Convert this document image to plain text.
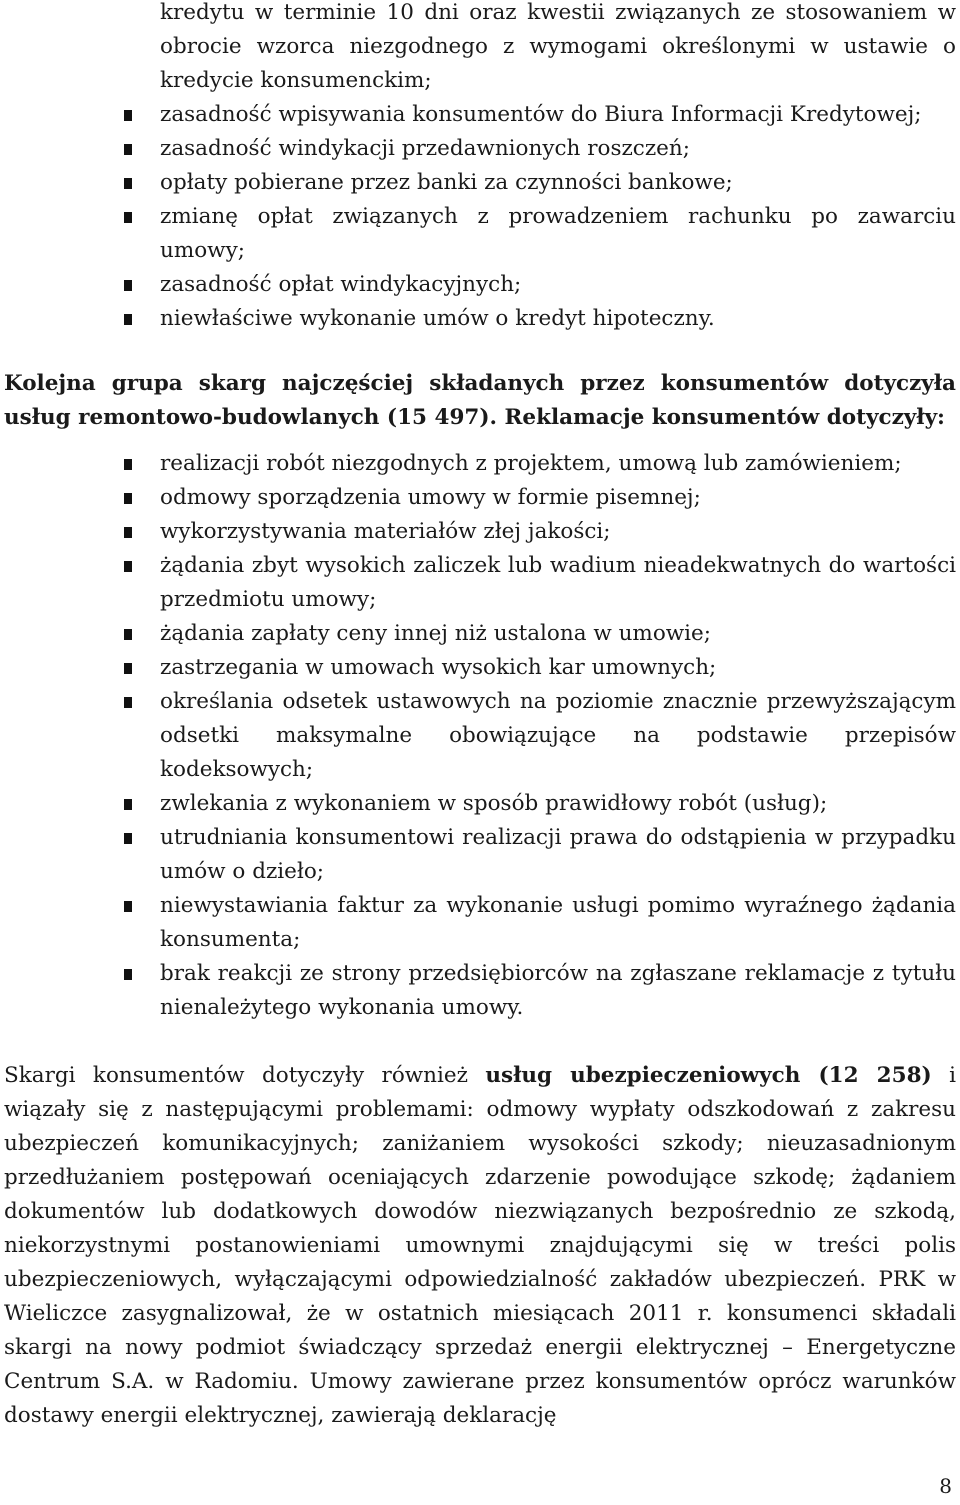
kredytu w terminie 10 dni oraz kwestii związanych ze stosowaniem w obrocie wzorca niezgodnego z wymogami określonymi w ustawie o kredycie konsumenckim;
zasadność wpisywania konsumentów do Biura Informacji Kredytowej;
zasadność windykacji przedawnionych roszczeń;
opłaty pobierane przez banki za czynności bankowe;
zmianę opłat związanych z prowadzeniem rachunku po zawarciu umowy;
zasadność opłat windykacyjnych;
niewłaściwe wykonanie umów o kredyt hipoteczny.
Kolejna grupa skarg najczęściej składanych przez konsumentów dotyczyła usług remontowo-budowlanych (15 497). Reklamacje konsumentów dotyczyły:
realizacji robót niezgodnych z projektem, umową lub zamówieniem;
odmowy sporządzenia umowy w formie pisemnej;
wykorzystywania materiałów złej jakości;
żądania zbyt wysokich zaliczek lub wadium nieadekwatnych do wartości przedmiotu umowy;
żądania zapłaty ceny innej niż ustalona w umowie;
zastrzegania w umowach wysokich kar umownych;
określania odsetek ustawowych na poziomie znacznie przewyższającym odsetki maksymalne obowiązujące na podstawie przepisów kodeksowych;
zwlekania z wykonaniem w sposób prawidłowy robót (usług);
utrudniania konsumentowi realizacji prawa do odstąpienia w przypadku umów o dzieło;
niewystawiania faktur za wykonanie usługi pomimo wyraźnego żądania konsumenta;
brak reakcji ze strony przedsiębiorców na zgłaszane reklamacje z tytułu nienależytego wykonania umowy.
Skargi konsumentów dotyczyły również usług ubezpieczeniowych (12 258) i wiązały się z następującymi problemami: odmowy wypłaty odszkodowań z zakresu ubezpieczeń komunikacyjnych; zaniżaniem wysokości szkody; nieuzasadnionym przedłużaniem postępowań oceniających zdarzenie powodujące szkodę; żądaniem dokumentów lub dodatkowych dowodów niezwiązanych bezpośrednio ze szkodą, niekorzystnymi postanowieniami umownymi znajdującymi się w treści polis ubezpieczeniowych, wyłączającymi odpowiedzialność zakładów ubezpieczeń. PRK w Wieliczce zasygnalizował, że w ostatnich miesiącach 2011 r. konsumenci składali skargi na nowy podmiot świadczący sprzedaż energii elektrycznej – Energetyczne Centrum S.A. w Radomiu. Umowy zawierane przez konsumentów oprócz warunków dostawy energii elektrycznej, zawierają deklarację
8
